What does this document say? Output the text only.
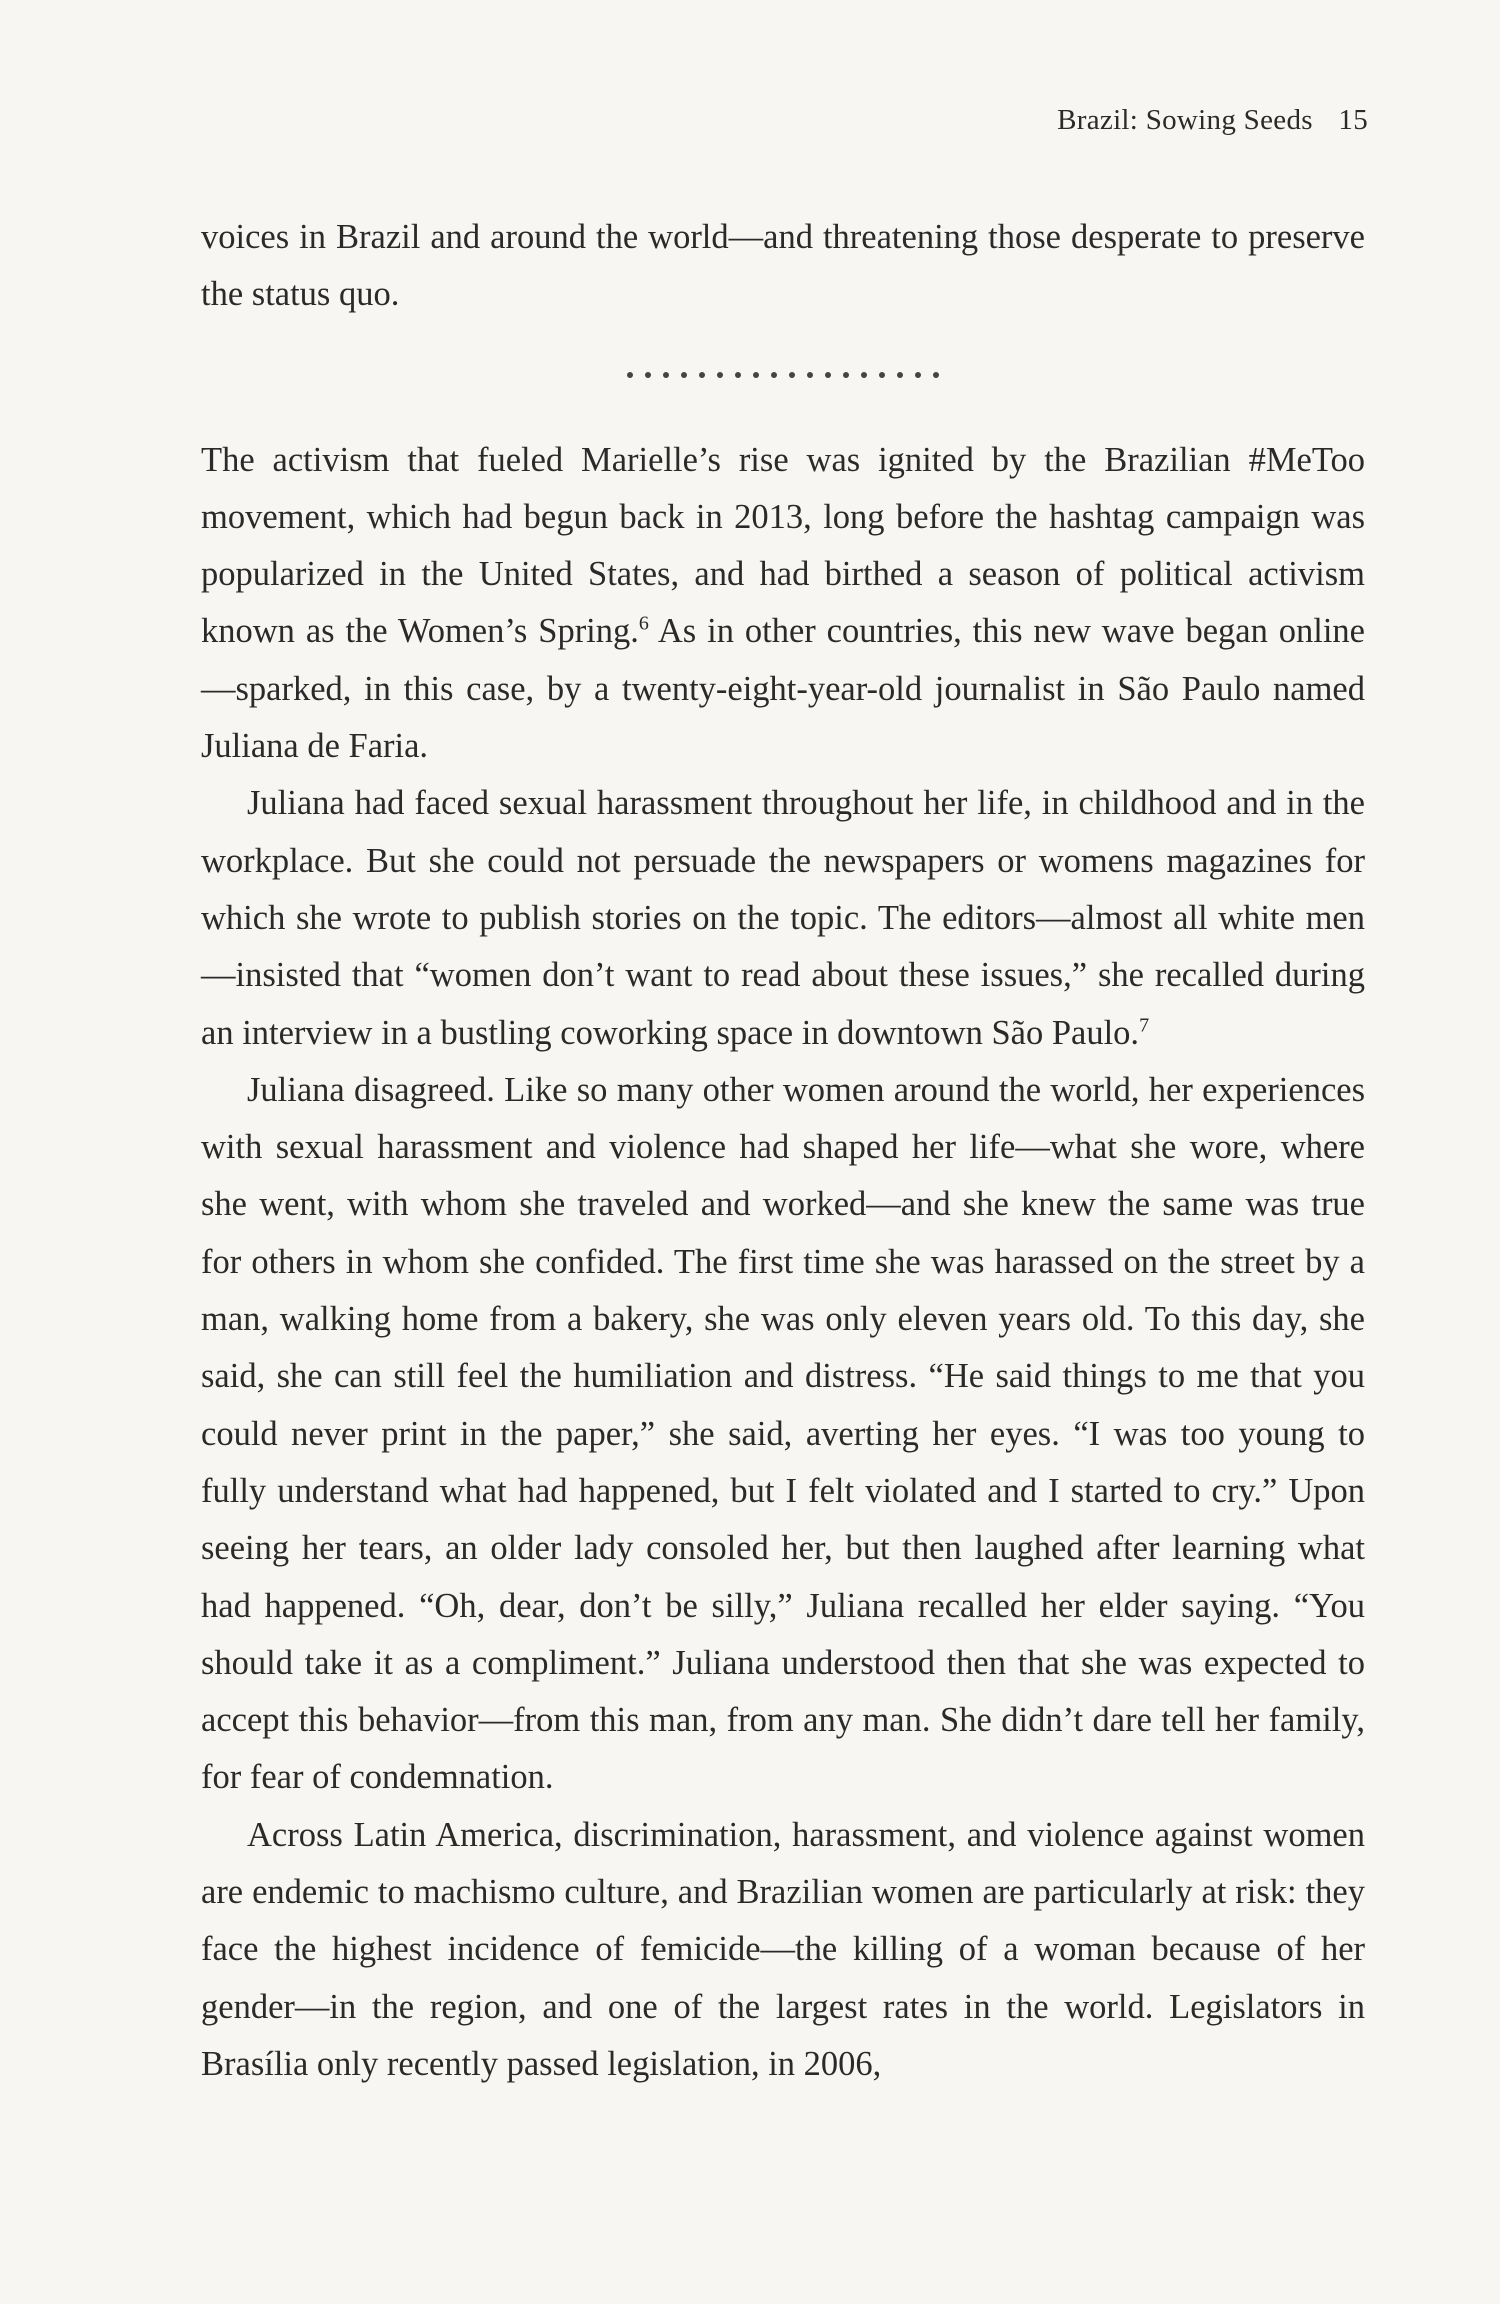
Brazil: Sowing Seeds 15

voices in Brazil and around the world—and threatening those desperate to preserve the status quo.

The activism that fueled Marielle’s rise was ignited by the Brazilian #MeToo movement, which had begun back in 2013, long before the hashtag campaign was popularized in the United States, and had birthed a season of political activism known as the Women’s Spring.$^6$ As in other countries, this new wave began online—sparked, in this case, by a twenty-eight-year-old journalist in São Paulo named Juliana de Faria.

Juliana had faced sexual harassment throughout her life, in childhood and in the workplace. But she could not persuade the newspapers or womens magazines for which she wrote to publish stories on the topic. The editors—almost all white men—insisted that “women don’t want to read about these issues,” she recalled during an interview in a bustling coworking space in downtown São Paulo.$^7$

Juliana disagreed. Like so many other women around the world, her experiences with sexual harassment and violence had shaped her life—what she wore, where she went, with whom she traveled and worked—and she knew the same was true for others in whom she confided. The first time she was harassed on the street by a man, walking home from a bakery, she was only eleven years old. To this day, she said, she can still feel the humiliation and distress. “He said things to me that you could never print in the paper,” she said, averting her eyes. “I was too young to fully understand what had happened, but I felt violated and I started to cry.” Upon seeing her tears, an older lady consoled her, but then laughed after learning what had happened. “Oh, dear, don’t be silly,” Juliana recalled her elder saying. “You should take it as a compliment.” Juliana understood then that she was expected to accept this behavior—from this man, from any man. She didn’t dare tell her family, for fear of condemnation.

Across Latin America, discrimination, harassment, and violence against women are endemic to machismo culture, and Brazilian women are particularly at risk: they face the highest incidence of femicide—the killing of a woman because of her gender—in the region, and one of the largest rates in the world. Legislators in Brasília only recently passed legislation, in 2006,
